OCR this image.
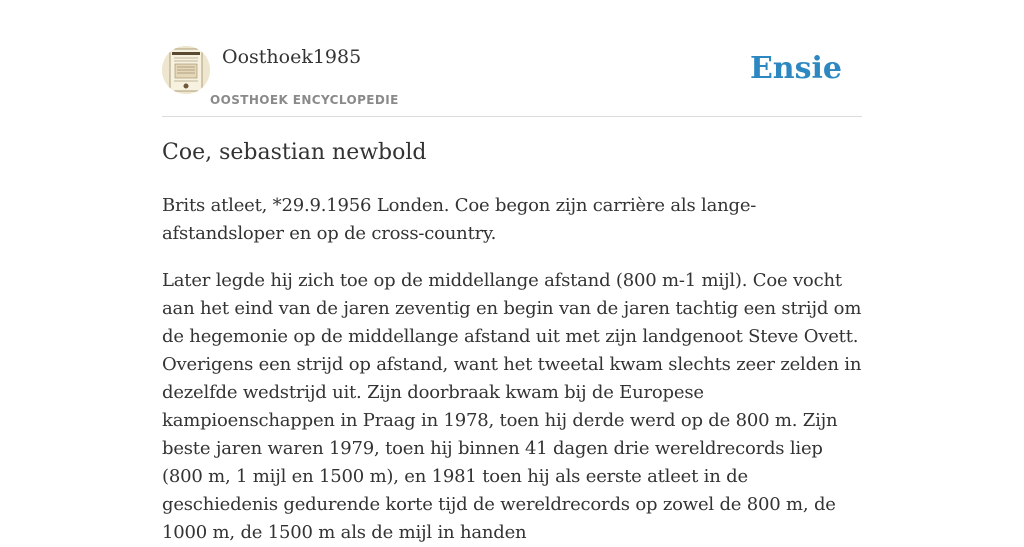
Oosthoek1985
OOSTHOEK ENCYCLOPEDIE
Ensie
Coe, sebastian newbold

Brits atleet, *29.9.1956 Londen. Coe begon zijn carrière als lange-afstandsloper en op de cross-country.

Later legde hij zich toe op de middellange afstand (800 m-1 mijl). Coe vocht aan het eind van de jaren zeventig en begin van de jaren tachtig een strijd om de hegemonie op de middellange afstand uit met zijn landgenoot Steve Ovett. Overigens een strijd op afstand, want het tweetal kwam slechts zeer zelden in dezelfde wedstrijd uit. Zijn doorbraak kwam bij de Europese kampioenschappen in Praag in 1978, toen hij derde werd op de 800 m. Zijn beste jaren waren 1979, toen hij binnen 41 dagen drie wereldrecords liep (800 m, 1 mijl en 1500 m), en 1981 toen hij als eerste atleet in de geschiedenis gedurende korte tijd de wereldrecords op zowel de 800 m, de 1000 m, de 1500 m als de mijl in handen
